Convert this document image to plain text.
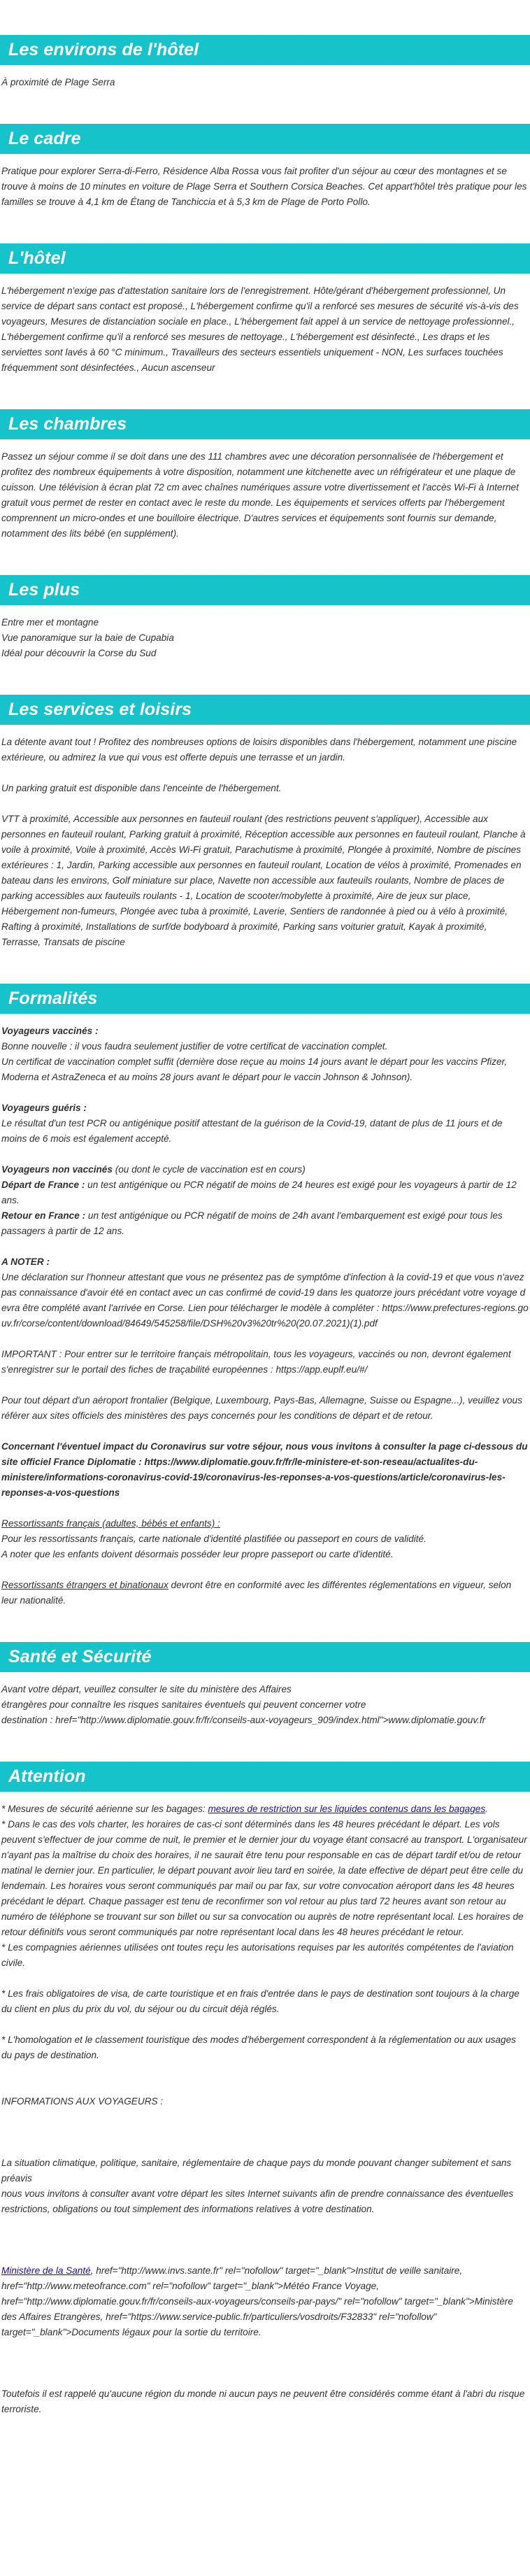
Les environs de l'hôtel

À proximité de Plage Serra

Le cadre

Pratique pour explorer Serra-di-Ferro, Résidence Alba Rossa vous fait profiter d'un séjour au cœur des montagnes et se trouve à moins de 10 minutes en voiture de Plage Serra et Southern Corsica Beaches. Cet appart'hôtel très pratique pour les familles se trouve à 4,1 km de Étang de Tanchiccia et à 5,3 km de Plage de Porto Pollo.

L'hôtel

L'hébergement n'exige pas d'attestation sanitaire lors de l'enregistrement. Hôte/gérant d'hébergement professionnel, Un service de départ sans contact est proposé., L'hébergement confirme qu'il a renforcé ses mesures de sécurité vis-à-vis des voyageurs, Mesures de distanciation sociale en place., L'hébergement fait appel à un service de nettoyage professionnel., L'hébergement confirme qu'il a renforcé ses mesures de nettoyage., L'hébergement est désinfecté., Les draps et les serviettes sont lavés à 60 °C minimum., Travailleurs des secteurs essentiels uniquement - NON, Les surfaces touchées fréquemment sont désinfectées., Aucun ascenseur

Les chambres

Passez un séjour comme il se doit dans une des 111 chambres avec une décoration personnalisée de l'hébergement et profitez des nombreux équipements à votre disposition, notamment une kitchenette avec un réfrigérateur et une plaque de cuisson. Une télévision à écran plat 72 cm avec chaînes numériques assure votre divertissement et l'accès Wi-Fi à Internet gratuit vous permet de rester en contact avec le reste du monde. Les équipements et services offerts par l'hébergement comprennent un micro-ondes et une bouilloire électrique. D'autres services et équipements sont fournis sur demande, notamment des lits bébé (en supplément).

Les plus

Entre mer et montagne

Vue panoramique sur la baie de Cupabia

Idéal pour découvrir la Corse du Sud

Les services et loisirs

La détente avant tout ! Profitez des nombreuses options de loisirs disponibles dans l'hébergement, notamment une piscine extérieure, ou admirez la vue qui vous est offerte depuis une terrasse et un jardin.

Un parking gratuit est disponible dans l'enceinte de l'hébergement.

VTT à proximité, Accessible aux personnes en fauteuil roulant (des restrictions peuvent s'appliquer), Accessible aux personnes en fauteuil roulant, Parking gratuit à proximité, Réception accessible aux personnes en fauteuil roulant, Planche à voile à proximité, Voile à proximité, Accès Wi-Fi gratuit, Parachutisme à proximité, Plongée à proximité, Nombre de piscines extérieures : 1, Jardin, Parking accessible aux personnes en fauteuil roulant, Location de vélos à proximité, Promenades en bateau dans les environs, Golf miniature sur place, Navette non accessible aux fauteuils roulants, Nombre de places de parking accessibles aux fauteuils roulants - 1, Location de scooter/mobylette à proximité, Aire de jeux sur place, Hébergement non-fumeurs, Plongée avec tuba à proximité, Laverie, Sentiers de randonnée à pied ou à vélo à proximité, Rafting à proximité, Installations de surf/de bodyboard à proximité, Parking sans voiturier gratuit, Kayak à proximité, Terrasse, Transats de piscine

Formalités

Voyageurs vaccinés :

Bonne nouvelle : il vous faudra seulement justifier de votre certificat de vaccination complet.

Un certificat de vaccination complet suffit (dernière dose reçue au moins 14 jours avant le départ pour les vaccins Pfizer, Moderna et AstraZeneca et au moins 28 jours avant le départ pour le vaccin Johnson & Johnson).

Voyageurs guéris :

Le résultat d'un test PCR ou antigénique positif attestant de la guérison de la Covid-19, datant de plus de 11 jours et de moins de 6 mois est également accepté.

Voyageurs non vaccinés (ou dont le cycle de vaccination est en cours)

Départ de France : un test antigénique ou PCR négatif de moins de 24 heures est exigé pour les voyageurs à partir de 12 ans.

Retour en France : un test antigénique ou PCR négatif de moins de 24h avant l'embarquement est exigé pour tous les passagers à partir de 12 ans.

A NOTER :

Une déclaration sur l'honneur attestant que vous ne présentez pas de symptôme d'infection à la covid-19 et que vous n'avez pas connaissance d'avoir été en contact avec un cas confirmé de covid-19 dans les quatorze jours précédant votre voyage devra être complété avant l'arrivée en Corse. Lien pour télécharger le modèle à compléter : https://www.prefectures-regions.gouv.fr/corse/content/download/84649/545258/file/DSH%20v3%20tr%20(20.07.2021)(1).pdf

IMPORTANT : Pour entrer sur le territoire français métropolitain, tous les voyageurs, vaccinés ou non, devront également s'enregistrer sur le portail des fiches de traçabilité européennes : https://app.euplf.eu/#/

Pour tout départ d'un aéroport frontalier (Belgique, Luxembourg, Pays-Bas, Allemagne, Suisse ou Espagne...), veuillez vous référer aux sites officiels des ministères des pays concernés pour les conditions de départ et de retour.

Concernant l'éventuel impact du Coronavirus sur votre séjour, nous vous invitons à consulter la page ci-dessous du site officiel France Diplomatie : https://www.diplomatie.gouv.fr/fr/le-ministere-et-son-reseau/actualites-du-ministere/informations-coronavirus-covid-19/coronavirus-les-reponses-a-vos-questions/article/coronavirus-les-reponses-a-vos-questions

Ressortissants français (adultes, bébés et enfants) :

Pour les ressortissants français, carte nationale d'identité plastifiée ou passeport en cours de validité.

A noter que les enfants doivent désormais posséder leur propre passeport ou carte d'identité.

Ressortissants étrangers et binationaux devront être en conformité avec les différentes réglementations en vigueur, selon leur nationalité.

Santé et Sécurité

Avant votre départ, veuillez consulter le site du ministère des Affaires

étrangères pour connaître les risques sanitaires éventuels qui peuvent concerner votre

destination : href="http://www.diplomatie.gouv.fr/fr/conseils-aux-voyageurs_909/index.html">www.diplomatie.gouv.fr

Attention

* Mesures de sécurité aérienne sur les bagages: mesures de restriction sur les liquides contenus dans les bagages.

* Dans le cas des vols charter, les horaires de cas-ci sont déterminés dans les 48 heures précédant le départ. Les vols peuvent s'effectuer de jour comme de nuit, le premier et le dernier jour du voyage étant consacré au transport. L'organisateur n'ayant pas la maîtrise du choix des horaires, il ne saurait être tenu pour responsable en cas de départ tardif et/ou de retour matinal le dernier jour. En particulier, le départ pouvant avoir lieu tard en soirée, la date effective de départ peut être celle du lendemain. Les horaires vous seront communiqués par mail ou par fax, sur votre convocation aéroport dans les 48 heures précédant le départ. Chaque passager est tenu de reconfirmer son vol retour au plus tard 72 heures avant son retour au numéro de téléphone se trouvant sur son billet ou sur sa convocation ou auprès de notre représentant local. Les horaires de retour définitifs vous seront communiqués par notre représentant local dans les 48 heures précédant le retour.

* Les compagnies aériennes utilisées ont toutes reçu les autorisations requises par les autorités compétentes de l'aviation civile.

* Les frais obligatoires de visa, de carte touristique et en frais d'entrée dans le pays de destination sont toujours à la charge du client en plus du prix du vol, du séjour ou du circuit déjà réglés.

* L'homologation et le classement touristique des modes d'hébergement correspondent à la réglementation ou aux usages du pays de destination.

INFORMATIONS AUX VOYAGEURS :

La situation climatique, politique, sanitaire, réglementaire de chaque pays du monde pouvant changer subitement et sans préavis

nous vous invitons à consulter avant votre départ les sites Internet suivants afin de prendre connaissance des éventuelles restrictions, obligations ou tout simplement des informations relatives à votre destination.

Ministère de la Santé, href="http://www.invs.sante.fr" rel="nofollow" target="_blank">Institut de veille sanitaire, href="http://www.meteofrance.com" rel="nofollow" target="_blank">Météo France Voyage, href="http://www.diplomatie.gouv.fr/fr/conseils-aux-voyageurs/conseils-par-pays/" rel="nofollow" target="_blank">Ministère des Affaires Etrangères, href="https://www.service-public.fr/particuliers/vosdroits/F32833" rel="nofollow" target="_blank">Documents légaux pour la sortie du territoire.

Toutefois il est rappelé qu'aucune région du monde ni aucun pays ne peuvent être considérés comme étant à l'abri du risque terroriste.
